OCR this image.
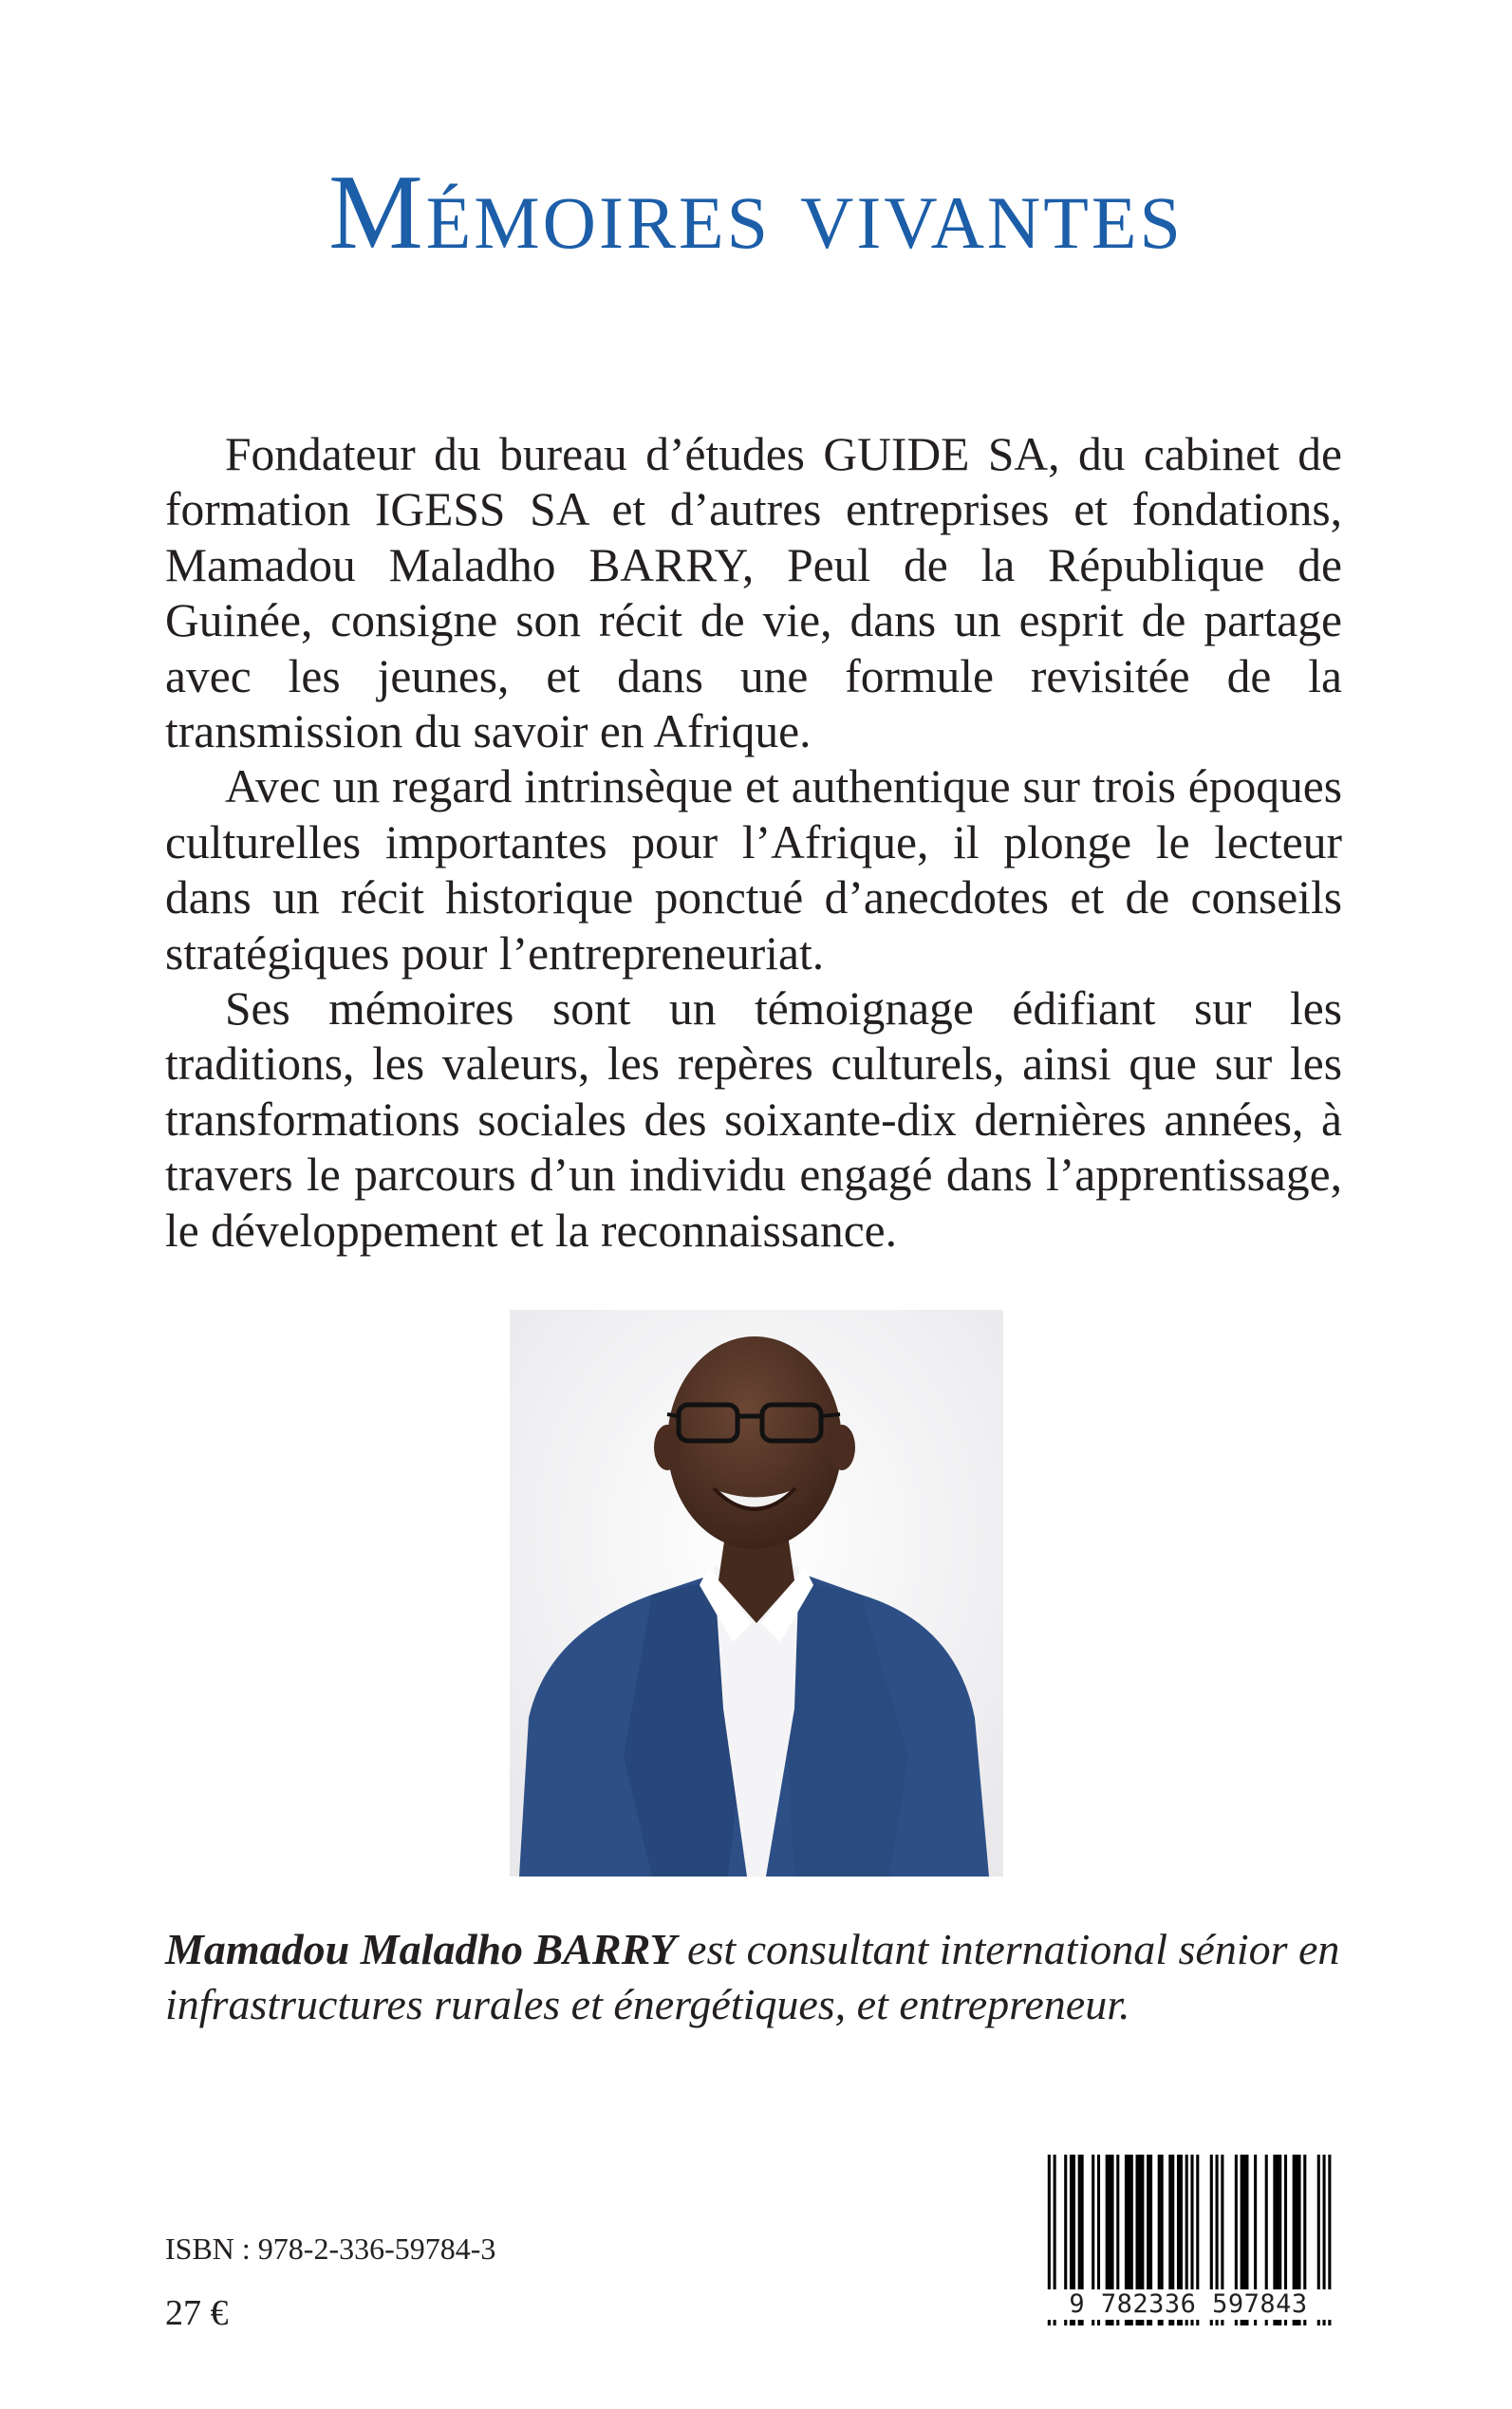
Mémoires vivantes

Fondateur du bureau d’études GUIDE SA, du cabinet de formation IGESS SA et d’autres entreprises et fondations, Mamadou Maladho BARRY, Peul de la République de Guinée, consigne son récit de vie, dans un esprit de partage avec les jeunes, et dans une formule revisitée de la transmission du savoir en Afrique.

Avec un regard intrinsèque et authentique sur trois époques culturelles importantes pour l’Afrique, il plonge le lecteur dans un récit historique ponctué d’anecdotes et de conseils stratégiques pour l’entrepreneuriat.

Ses mémoires sont un témoignage édifiant sur les traditions, les valeurs, les repères culturels, ainsi que sur les transformations sociales des soixante-dix dernières années, à travers le parcours d’un individu engagé dans l’apprentissage, le développement et la reconnaissance.

Mamadou Maladho BARRY est consultant international sénior en infrastructures rurales et énergétiques, et entrepreneur.

ISBN : 978-2-336-59784-3
27 €	9 782336 597843
